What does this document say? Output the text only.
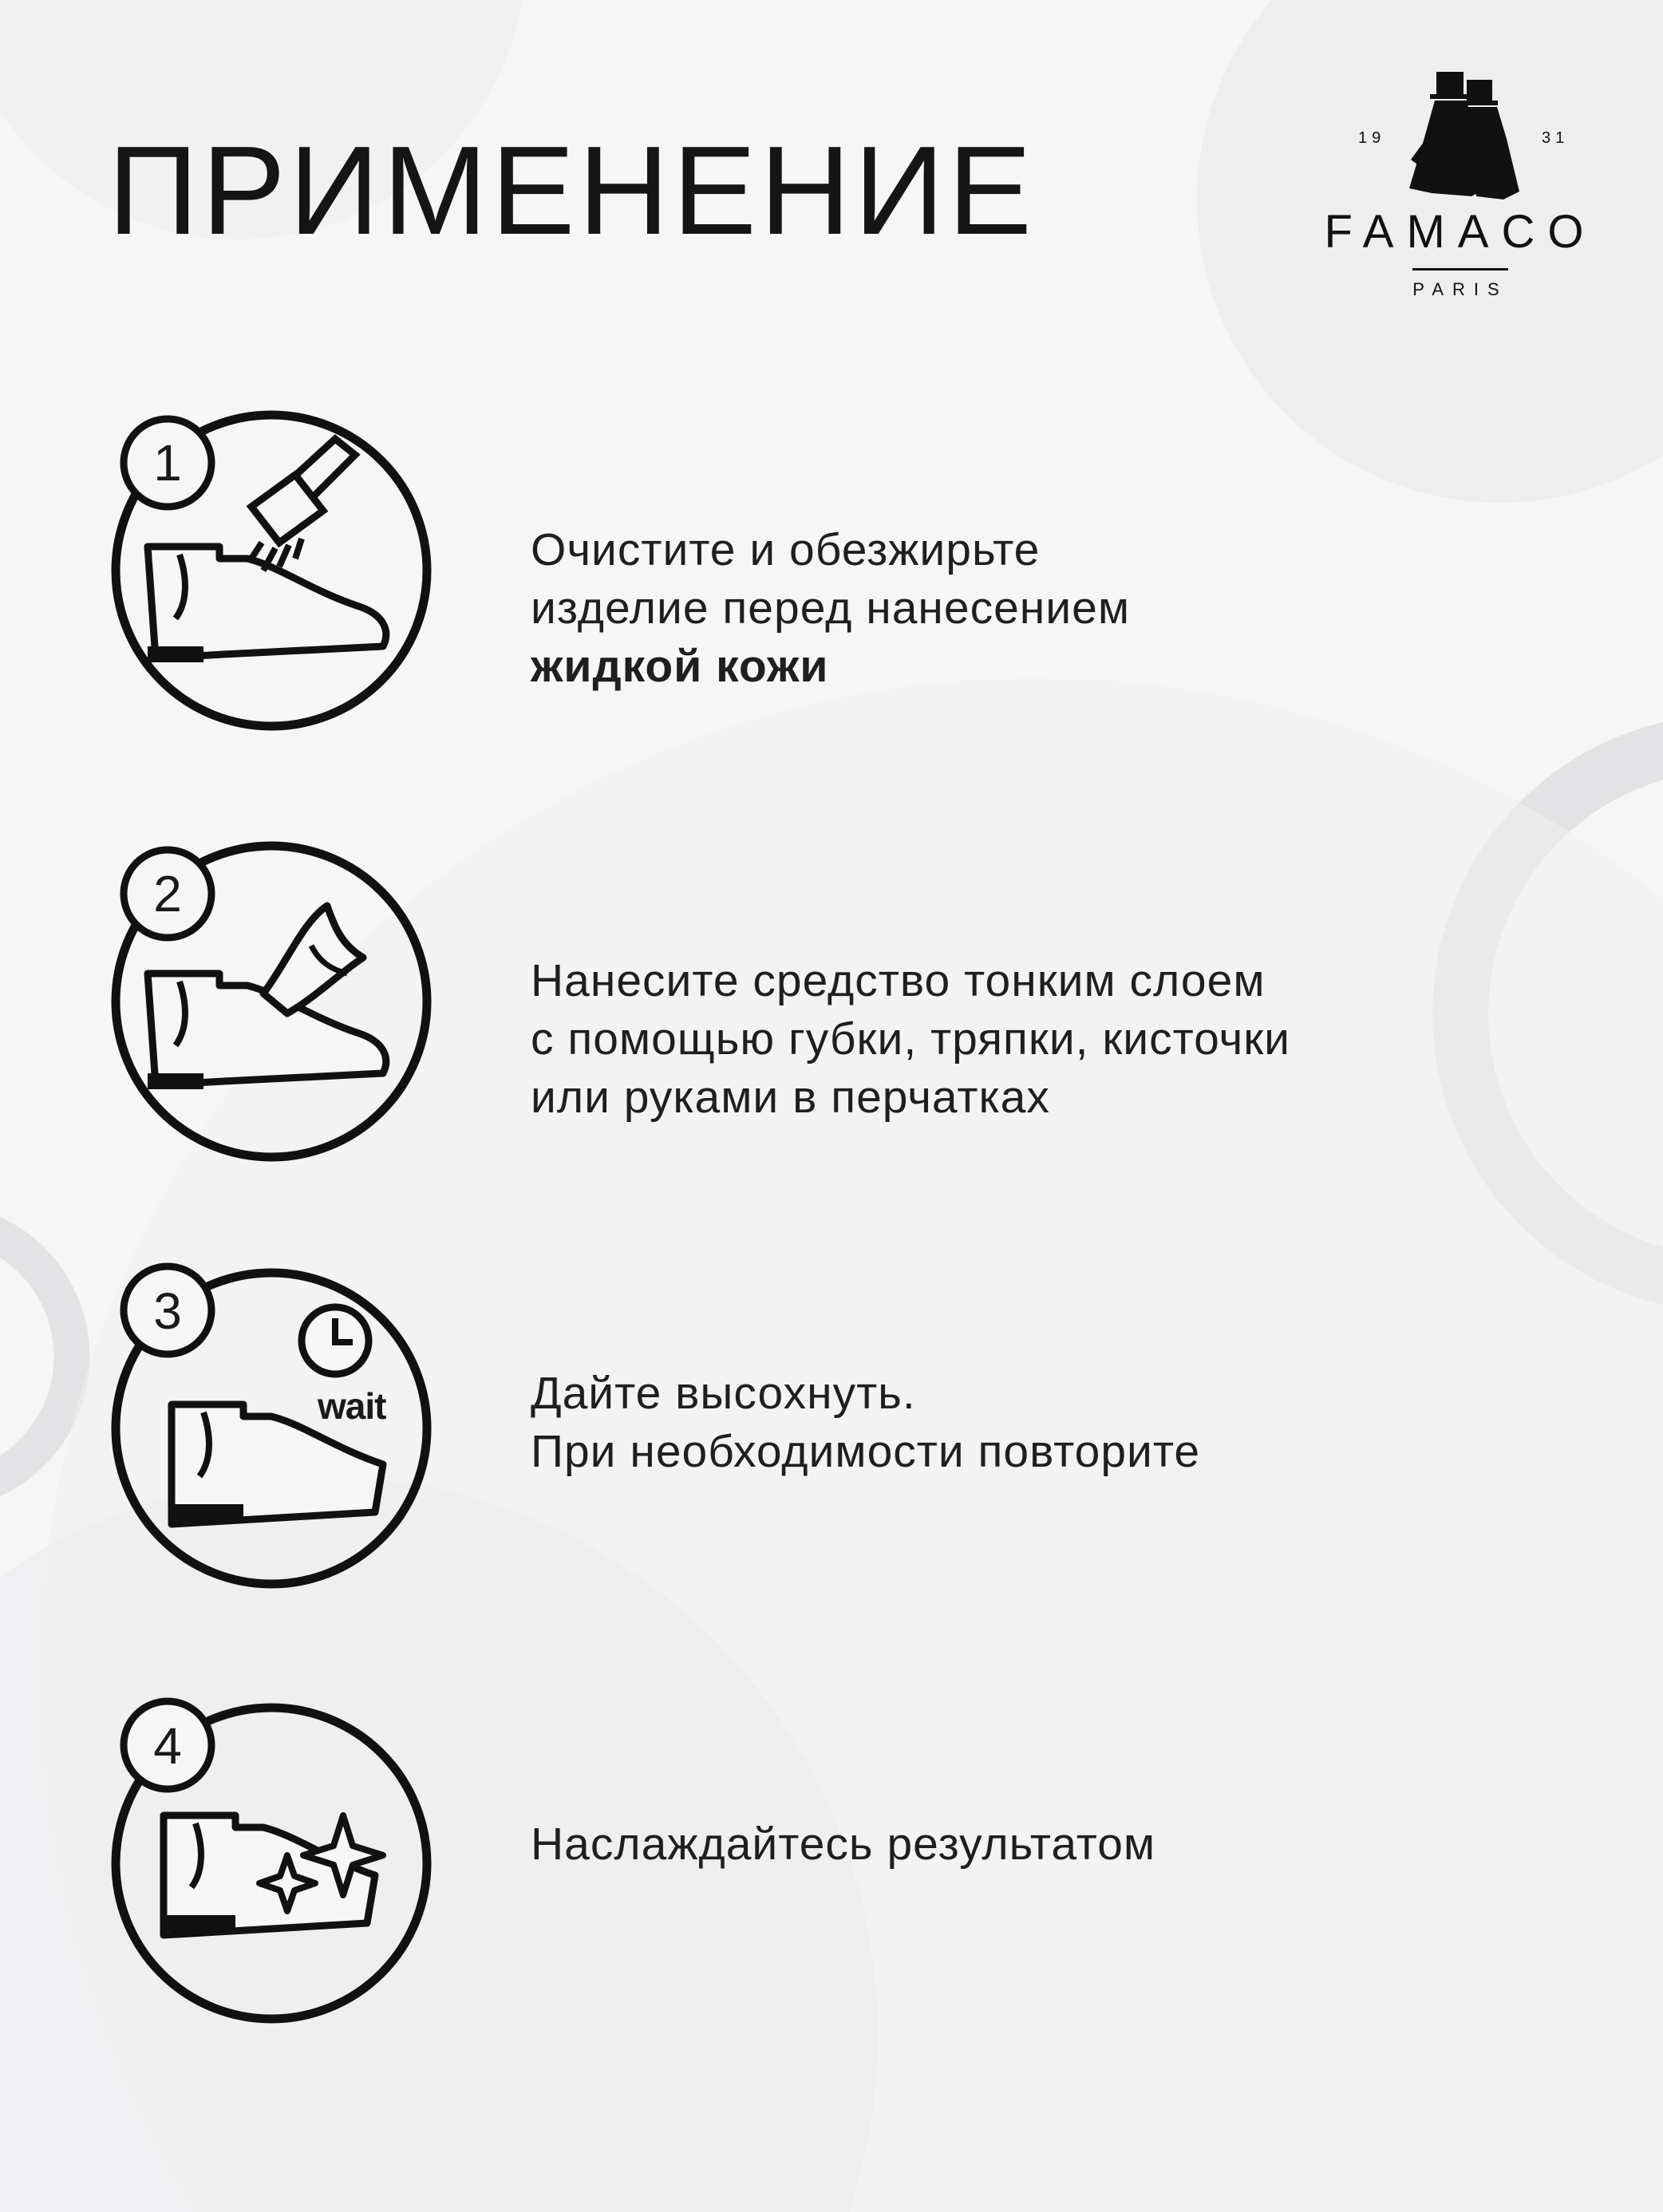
ПРИМЕНЕНИЕ	19	31
FAMACO
PARIS
1
Очистите и обезжирьте
изделие перед нанесением
жидкой кожи
2
Нанесите средство тонким слоем
с помощью губки, тряпки, кисточки
или руками в перчатках
3
wait	Дайте высохнуть.
При необходимости повторите
4
Наслаждайтесь результатом
